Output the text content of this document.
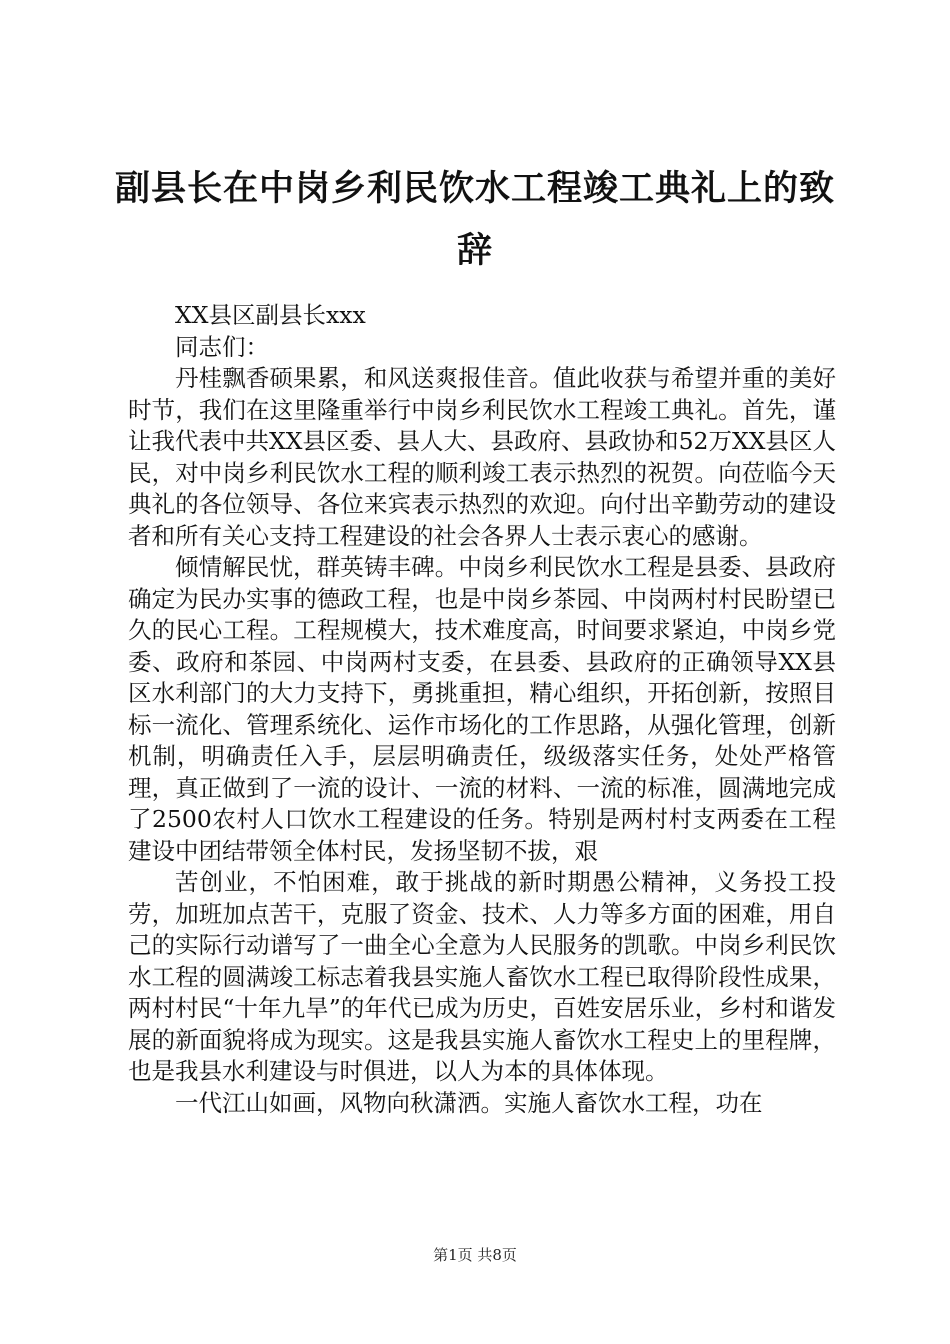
副县长在中岗乡利民饮水工程竣工典礼上的致
辞

XX县区副县长xxx

同志们：

丹桂飘香硕果累，和风送爽报佳音。值此收获与希望并重的美好时节，我们在这里隆重举行中岗乡利民饮水工程竣工典礼。首先，谨让我代表中共XX县区委、县人大、县政府、县政协和52万XX县区人民，对中岗乡利民饮水工程的顺利竣工表示热烈的祝贺。向莅临今天典礼的各位领导、各位来宾表示热烈的欢迎。向付出辛勤劳动的建设者和所有关心支持工程建设的社会各界人士表示衷心的感谢。

倾情解民忧，群英铸丰碑。中岗乡利民饮水工程是县委、县政府确定为民办实事的德政工程，也是中岗乡茶园、中岗两村村民盼望已久的民心工程。工程规模大，技术难度高，时间要求紧迫，中岗乡党委、政府和茶园、中岗两村支委，在县委、县政府的正确领导XX县区水利部门的大力支持下，勇挑重担，精心组织，开拓创新，按照目标一流化、管理系统化、运作市场化的工作思路，从强化管理，创新机制，明确责任入手，层层明确责任，级级落实任务，处处严格管理，真正做到了一流的设计、一流的材料、一流的标准，圆满地完成了2500农村人口饮水工程建设的任务。特别是两村村支两委在工程建设中团结带领全体村民，发扬坚韧不拔，艰

苦创业，不怕困难，敢于挑战的新时期愚公精神，义务投工投劳，加班加点苦干，克服了资金、技术、人力等多方面的困难，用自己的实际行动谱写了一曲全心全意为人民服务的凯歌。中岗乡利民饮水工程的圆满竣工标志着我县实施人畜饮水工程已取得阶段性成果，两村村民“十年九旱”的年代已成为历史，百姓安居乐业，乡村和谐发展的新面貌将成为现实。这是我县实施人畜饮水工程史上的里程牌，也是我县水利建设与时俱进，以人为本的具体体现。

一代江山如画，风物向秋潇洒。实施人畜饮水工程，功在

第1页 共8页
